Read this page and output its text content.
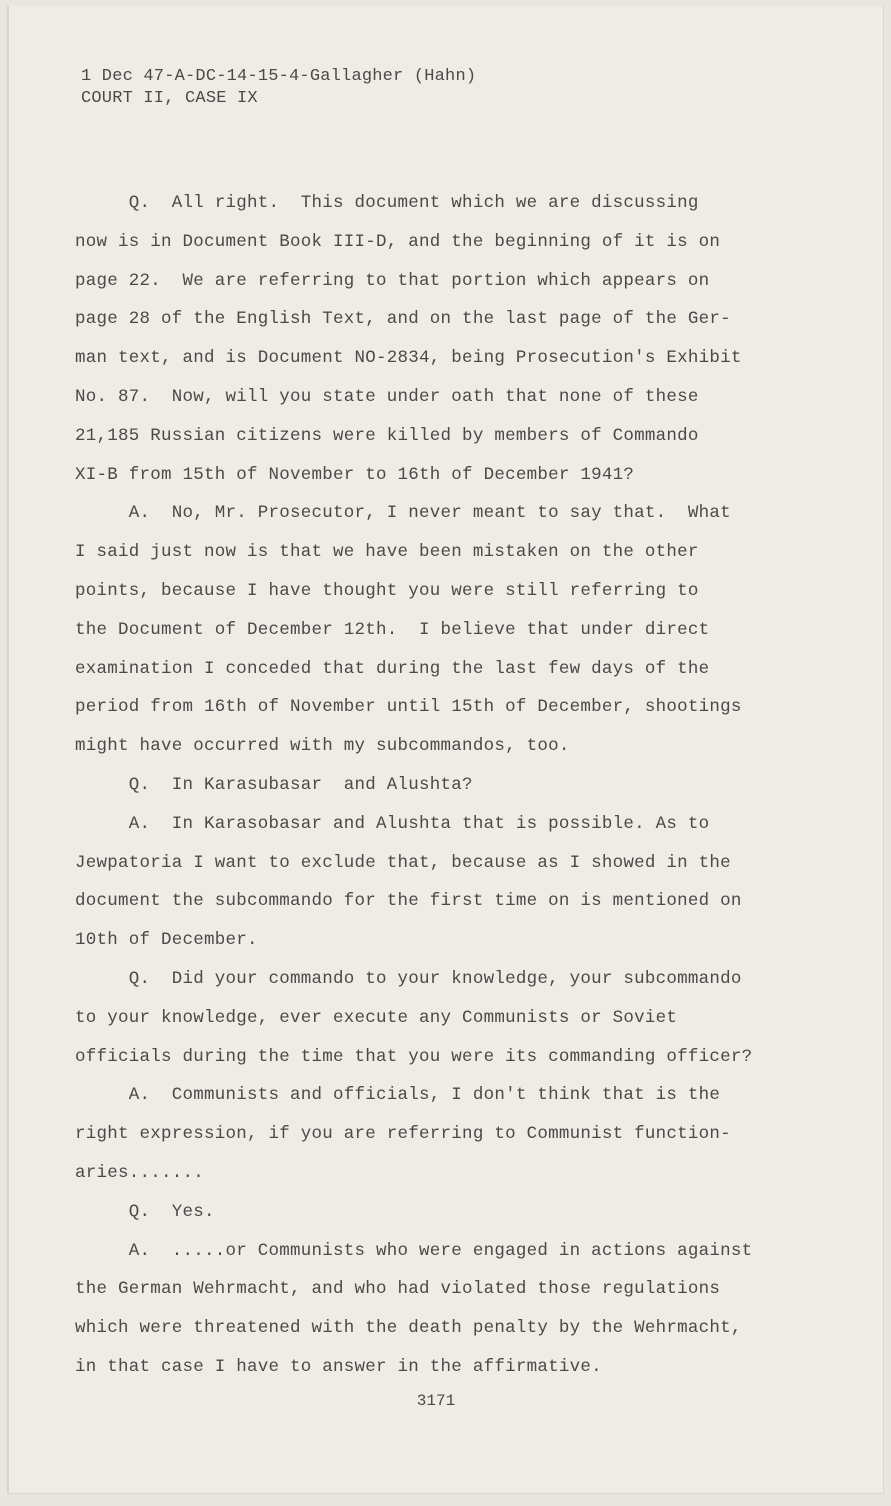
1 Dec 47-A-DC-14-15-4-Gallagher (Hahn)
COURT II, CASE IX
Q.  All right.  This document which we are discussing
now is in Document Book III-D, and the beginning of it is on
page 22.  We are referring to that portion which appears on
page 28 of the English Text, and on the last page of the Ger-
man text, and is Document NO-2834, being Prosecution's Exhibit
No. 87.  Now, will you state under oath that none of these
21,185 Russian citizens were killed by members of Commando
XI-B from 15th of November to 16th of December 1941?
A.  No, Mr. Prosecutor, I never meant to say that.  What
I said just now is that we have been mistaken on the other
points, because I have thought you were still referring to
the Document of December 12th.  I believe that under direct
examination I conceded that during the last few days of the
period from 16th of November until 15th of December, shootings
might have occurred with my subcommandos, too.
Q.  In Karasubasar  and Alushta?
A.  In Karasobasar and Alushta that is possible. As to
Jewpatoria I want to exclude that, because as I showed in the
document the subcommando for the first time on is mentioned on
10th of December.
Q.  Did your commando to your knowledge, your subcommando
to your knowledge, ever execute any Communists or Soviet
officials during the time that you were its commanding officer?
A.  Communists and officials, I don't think that is the
right expression, if you are referring to Communist function-
aries.......
Q.  Yes.
A.  .....or Communists who were engaged in actions against
the German Wehrmacht, and who had violated those regulations
which were threatened with the death penalty by the Wehrmacht,
in that case I have to answer in the affirmative.
3171
